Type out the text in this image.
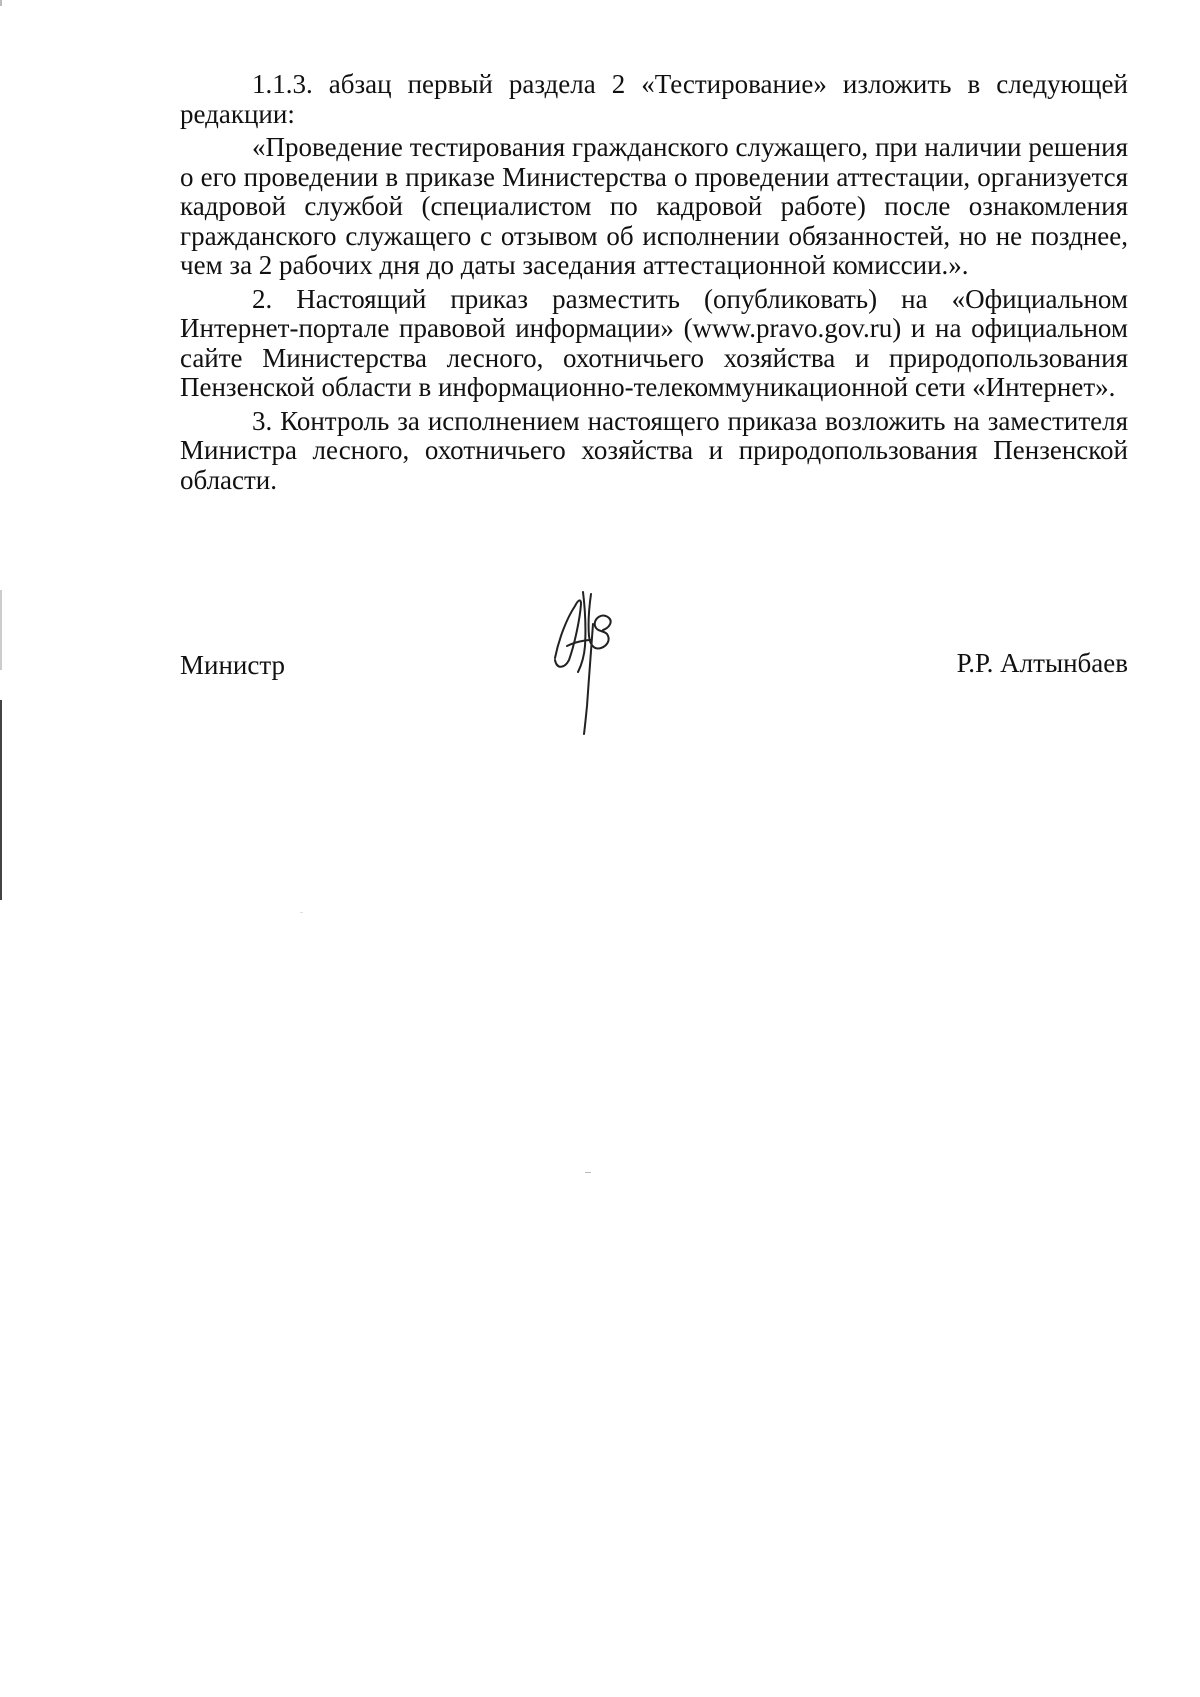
1.1.3. абзац первый раздела 2 «Тестирование» изложить в следующей редакции:

«Проведение тестирования гражданского служащего, при наличии решения о его проведении в приказе Министерства о проведении аттестации, организуется кадровой службой (специалистом по кадровой работе) после ознакомления гражданского служащего с отзывом об исполнении обязанностей, но не позднее, чем за 2 рабочих дня до даты заседания аттестационной комиссии.».

2. Настоящий приказ разместить (опубликовать) на «Официальном Интернет-портале правовой информации» (www.pravo.gov.ru) и на официальном сайте Министерства лесного, охотничьего хозяйства и природопользования Пензенской области в информационно-телекоммуникационной сети «Интернет».

3. Контроль за исполнением настоящего приказа возложить на заместителя Министра лесного, охотничьего хозяйства и природопользования Пензенской области.

Министр	Р.Р. Алтынбаев
